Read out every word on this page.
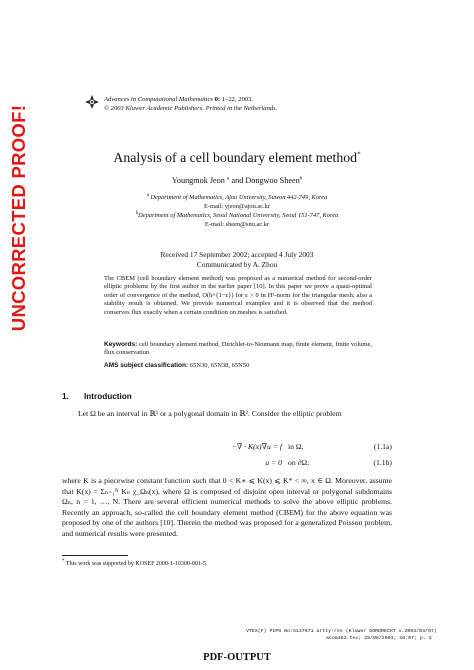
UNCORRECTED PROOF!
Advances in Computational Mathematics 0: 1–22, 2003.
© 2003 Kluwer Academic Publishers. Printed in the Netherlands.
Analysis of a cell boundary element method*
Youngmok Jeon $^a$ and Dongwoo Sheen$^b$
$^a$ Department of Mathematics, Ajou University, Suwon 442-749, Korea
E-mail: yjeon@ajou.ac.kr
$^b$Department of Mathematics, Seoul National University, Seoul 151-747, Korea
E-mail: sheen@snu.ac.kr
Received 17 September 2002; accepted 4 July 2003
Communicated by A. Zhou
The CBEM (cell boundary element method) was proposed as a numerical method for second-order elliptic problems by the first author in the earlier paper [10]. In this paper we prove a quasi-optimal order of convergence of the method, O(h^{1−ε}) for ε > 0 in H¹-norm for the triangular mesh; also a stability result is obtained. We provide numerical examples and it is observed that the method conserves flux exactly when a certain condition on meshes is satisfied.
Keywords: cell boundary element method, Dirichlet-to-Neumann map, finite element, finite volume, flux conservation
AMS subject classification: 65N30, 65N38, 65N50
1. Introduction
Let Ω be an interval in ℝ¹ or a polygonal domain in ℝ². Consider the elliptic problem
−∇ · K(x)∇u = f in Ω,	(1.1a)
u = 0 on ∂Ω,	(1.1b)
where K is a piecewise constant function such that 0 < K∗ ⩽ K(x) ⩽ K* < ∞, x ∈ Ω. Moreover, assume that K(x) = Σₙ₌₁ᴺ Kₙ χ_Ωₙ(x), where Ω is composed of disjoint open interval or polygonal subdomains Ωₙ, n = 1, …, N. There are several efficient numerical methods to solve the above elliptic problems. Recently an approach, so-called the cell boundary element method (CBEM) for the above equation was proposed by one of the authors [10]. Therein the method was proposed for a generalized Poisson problem, and numerical results were presented.
* This work was supported by KOSEF 2000-1-10300-001-5.
VTEX(F) PIPS No:5147671 artty:res (Kluwer DORDRECHT v.2003/03/07)
acom363.tex; 29/08/2003; 10:07; p. 1
PDF-OUTPUT
